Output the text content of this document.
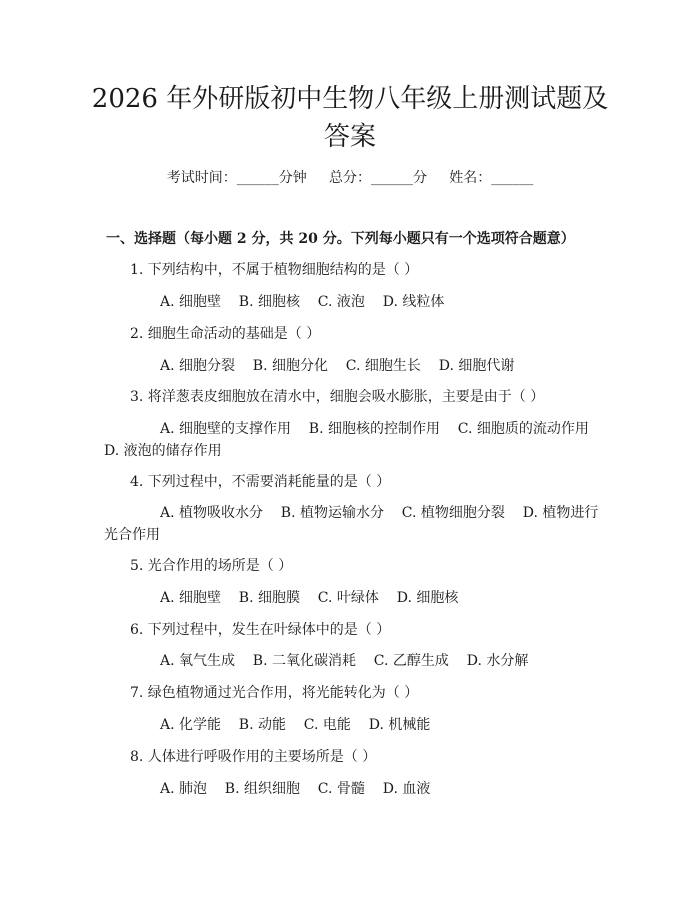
2026 年外研版初中生物八年级上册测试题及
答案
考试时间：______分钟     总分：______分     姓名：______
一、选择题（每小题 2 分，共 20 分。下列每小题只有一个选项符合题意）
1. 下列结构中，不属于植物细胞结构的是（ ）
A. 细胞壁    B. 细胞核    C. 液泡    D. 线粒体
2. 细胞生命活动的基础是（ ）
A. 细胞分裂    B. 细胞分化    C. 细胞生长    D. 细胞代谢
3. 将洋葱表皮细胞放在清水中，细胞会吸水膨胀，主要是由于（ ）
A. 细胞壁的支撑作用    B. 细胞核的控制作用    C. 细胞质的流动作用    D. 液泡的储存作用
4. 下列过程中，不需要消耗能量的是（ ）
A. 植物吸收水分    B. 植物运输水分    C. 植物细胞分裂    D. 植物进行光合作用
5. 光合作用的场所是（ ）
A. 细胞壁    B. 细胞膜    C. 叶绿体    D. 细胞核
6. 下列过程中，发生在叶绿体中的是（ ）
A. 氧气生成    B. 二氧化碳消耗    C. 乙醇生成    D. 水分解
7. 绿色植物通过光合作用，将光能转化为（ ）
A. 化学能    B. 动能    C. 电能    D. 机械能
8. 人体进行呼吸作用的主要场所是（ ）
A. 肺泡    B. 组织细胞    C. 骨髓    D. 血液
